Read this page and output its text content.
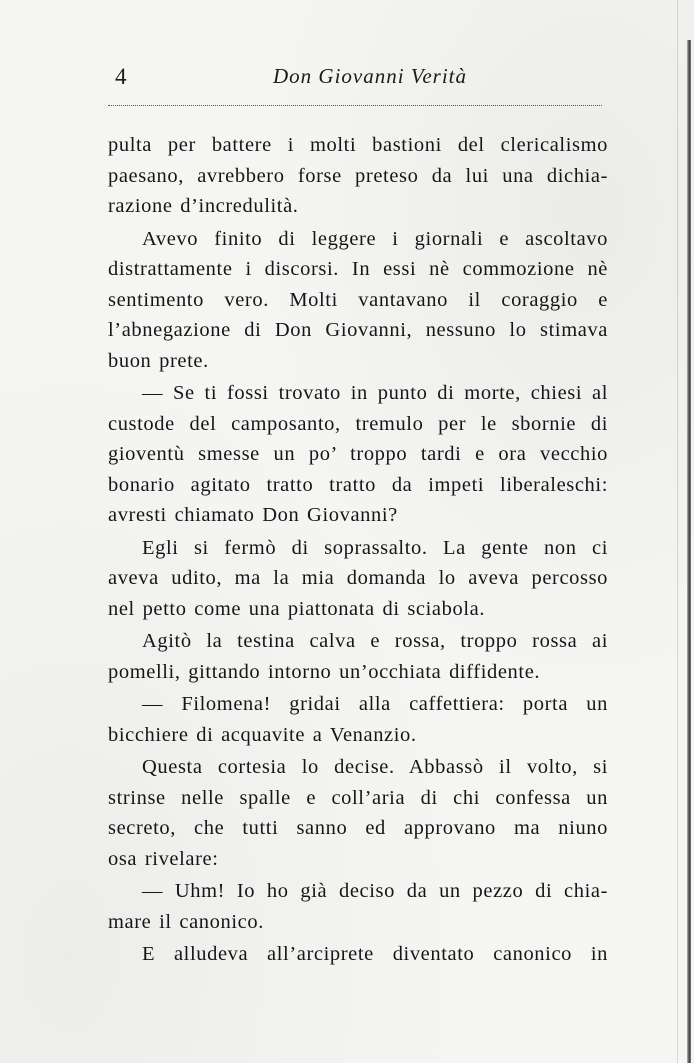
4	Don Giovanni Verità
pulta per battere i molti bastioni del clericalismo
paesano, avrebbero forse preteso da lui una dichia-
razione d’incredulità.
Avevo finito di leggere i giornali e ascoltavo
distrattamente i discorsi. In essi nè commozione nè
sentimento vero. Molti vantavano il coraggio e
l’abnegazione di Don Giovanni, nessuno lo stimava
buon prete.
— Se ti fossi trovato in punto di morte, chiesi al
custode del camposanto, tremulo per le sbornie di
gioventù smesse un po’ troppo tardi e ora vecchio
bonario agitato tratto tratto da impeti liberaleschi:
avresti chiamato Don Giovanni?
Egli si fermò di soprassalto. La gente non ci
aveva udito, ma la mia domanda lo aveva percosso
nel petto come una piattonata di sciabola.
Agitò la testina calva e rossa, troppo rossa ai
pomelli, gittando intorno un’occhiata diffidente.
— Filomena! gridai alla caffettiera: porta un
bicchiere di acquavite a Venanzio.
Questa cortesia lo decise. Abbassò il volto, si
strinse nelle spalle e coll’aria di chi confessa un
secreto, che tutti sanno ed approvano ma niuno
osa rivelare:
— Uhm! Io ho già deciso da un pezzo di chia-
mare il canonico.
E alludeva all’arciprete diventato canonico in
